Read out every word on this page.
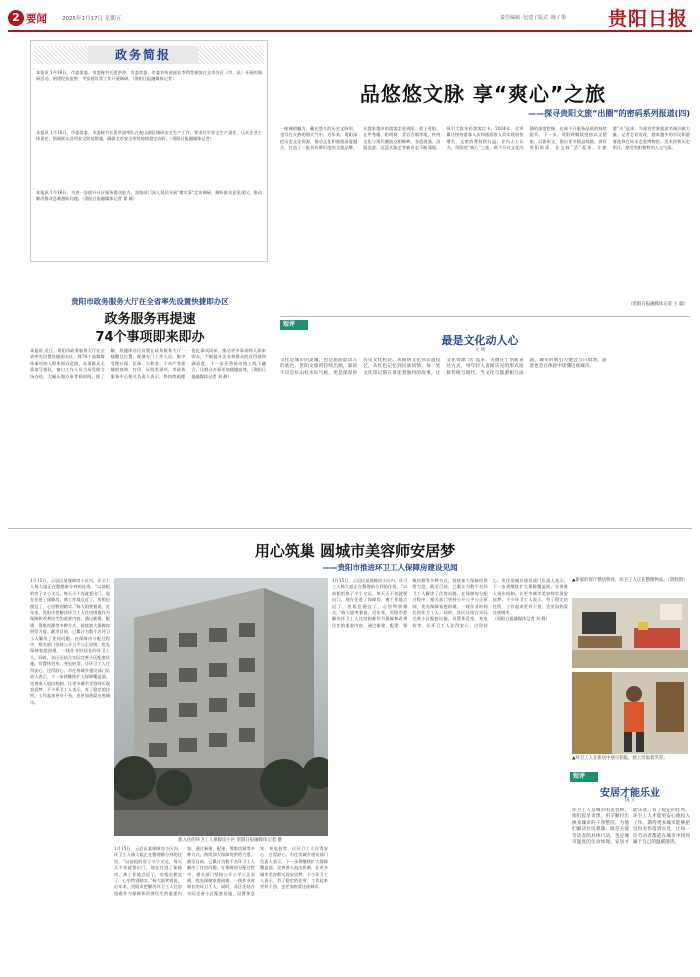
2 要闻	2025年1月17日 星期五	责任编辑 ·包建 / 版式 ·陈 / 策 贵阳日报
政务简报
本报讯 1月16日，市委常委、市委秘书长贺洪涛、市委常委、市委宣传部部长李利等参加在全市各区（市、县）开展的调研活动，围绕纪检监察、平安建设等工作开展调研。（贵阳日报融媒体记者）
本报讯 1月16日，市委常委、市委秘书长贺洪涛率队在观山湖区调研安全生产工作，要求扛牢安全生产责任，压实企业主体责任，抓细抓实各项安全防范措施，确保全市安全形势持续稳定向好。（贵阳日报融媒体记者）
本报讯 1月16日，为进一步提升社区服务群众能力，各级部门深入基层开展"微实事"走访调研，倾听群众意见建议，推动解决群众急难愁盼问题。（贵阳日报融媒体记者 翟 颖）
贵阳市政务服务大厅在全省率先设置快捷即办区
政务服务再提速
74个事项即来即办
本报讯 近日，贵阳市政务服务大厅在全省率先设置快捷即办区，将74个高频简单事项纳入即来即办范围，办事群众无需取号排队，窗口工作人员当场受理当场办结，大幅压缩办事等候时间。据了解，快捷即办区设置在政务服务大厅一楼醒目位置，配备专门工作人员，集中受理社保、医保、公积金、不动产等领域的查询、打印、证明类事项。市政务服务中心相关负责人表示，将持续梳理优化事项清单，推动更多事项纳入即来即办，不断提升企业和群众的获得感和满意度。下一步还将推动线上线下融合，让群众办事更加便捷高效。（贵阳日报融媒体记者 刘 静）
品悠悠文脉 享“爽心”之旅
——探寻贵阳文旅“出圈”的密码系列报道(四)
一座城的魅力，藏在悠久的历史文脉里，也写在火热的烟火气中。近年来，贵阳深挖历史文化资源，推动文化和旅游深度融合，打造了一批具有辨识度的文旅品牌，让越来越多的游客走进贵阳、爱上贵阳。在甲秀楼、阳明祠、青岩古镇等地，传统文化与现代潮流交相辉映，非遗展演、汉服巡游、沉浸式演艺等新业态不断涌现，吸引大批年轻游客打卡。2024年，全市累计接待游客人次和旅游收入均实现较快增长，文旅消费持续升温。业内人士认为，贵阳的“爽心”之旅，离不开对文化内涵的深度挖掘，也离不开服务品质的持续提升。下一步，贵阳将继续坚持以文塑旅、以旅彰文，推出更多精品线路，讲好贵阳故事，让文脉“活”起来、让旅游“火”起来，为建设世界旅游名城贡献力量。记者走访发现，越来越多的市民和游客选择在周末走进博物馆、美术馆和历史街区，感受贵阳独特的人文气质。
（贵阳日报融媒体记者 王 聪）
短评
最是文化动人心
大 风
文化是城市的灵魂，也是旅游最动人的底色。贵阳文旅的持续出圈，靠的不仅是好山好水好气候，更是深厚的历史文化积淀。从阳明文化到非遗技艺，从红色记忆到民族风情，每一处文化印记都在讲述着独特的故事。让文化资源“活”起来，关键在于创新表达方式，用年轻人喜闻乐见的形式连接传统与现代。当文化与旅游相互成就，城市的吸引力便会与日俱增，游客也会在体验中读懂这座城市。
用心筑巢 圆城市美容师安居梦
——贵阳市推进环卫工人保障房建设见闻
1月15日，云岩区某保障房小区内，环卫工人杨大姐正在整理新分到的住房。“以前租的房子又小又远，每天天不亮就要出门，现在住进了保障房，离工作地点近了，房租也便宜了，心里特别踏实。”杨大姐笑着说。近年来，贵阳市把解决环卫工人住房困难作为保障和改善民生的重要内容，通过新建、配建、筹集房源等多种方式，持续加大保障房供给力度。截至目前，已累计为数千名环卫工人解决了住房问题。在保障房分配过程中，相关部门坚持公开公平公正原则，优先保障家庭困难、一线作业时间长的环卫工人。同时，各区还结合实际完善小区配套设施，设置休息室、充电桩等，让环卫工人住得安心、过得舒心。市住房城乡建设部门负责人表示，下一步将继续扩大保障覆盖面，完善准入退出机制，让更多城市美容师实现安居梦。不少环卫工人表示，有了稳定的住所，工作起来更有干劲，也更加热爱这座城市。
新入住的环卫工人保障房小区 贵阳日报融媒体记者 摄
1月15日，云岩区某保障房小区内，环卫工人杨大姐正在整理新分到的住房。“以前租的房子又小又远，每天天不亮就要出门，现在住进了保障房，离工作地点近了，房租也便宜了，心里特别踏实。”杨大姐笑着说。近年来，贵阳市把解决环卫工人住房困难作为保障和改善民生的重要内容，通过新建、配建、筹集房源等多种方式，持续加大保障房供给力度。截至目前，已累计为数千名环卫工人解决了住房问题。在保障房分配过程中，相关部门坚持公开公平公正原则，优先保障家庭困难、一线作业时间长的环卫工人。同时，各区还结合实际完善小区配套设施，设置休息室、充电桩等，让环卫工人住得安心、过得舒心。市住房城乡建设部门负责人表示，下一步将继续扩大保障覆盖面，完善准入退出机制，让更多城市美容师实现安居梦。不少环卫工人表示，有了稳定的住所，工作起来更有干劲，也更加热爱这座城市。
1月15日，云岩区某保障房小区内，环卫工人杨大姐正在整理新分到的住房。“以前租的房子又小又远，每天天不亮就要出门，现在住进了保障房，离工作地点近了，房租也便宜了，心里特别踏实。”杨大姐笑着说。近年来，贵阳市把解决环卫工人住房困难作为保障和改善民生的重要内容，通过新建、配建、筹集房源等多种方式，持续加大保障房供给力度。截至目前，已累计为数千名环卫工人解决了住房问题。在保障房分配过程中，相关部门坚持公开公平公正原则，优先保障家庭困难、一线作业时间长的环卫工人。同时，各区还结合实际完善小区配套设施，设置休息室、充电桩等，让环卫工人住得安心、过得舒心。市住房城乡建设部门负责人表示，下一步将继续扩大保障覆盖面，完善准入退出机制，让更多城市美容师实现安居梦。不少环卫工人表示，有了稳定的住所，工作起来更有干劲，也更加热爱这座城市。
（贵阳日报融媒体记者 刘 静）
▲新家的客厅整洁明亮，环卫工人正在整理物品。（资料图）
▲环卫工人在新居中展示钥匙，脸上洋溢着笑容。
短评
安居才能乐业
钱 立
环卫工人是城市的美容师，他们起早贪黑，用辛勤付出换来城市的干净整洁。为他们解决住房难题，既是关爱劳动者的具体行动，也是城市温度的生动体现。安居才能乐业，有了稳定的住所，环卫工人才能更安心地投入工作。期待更多城市能够把这份关怀落到实处，让每一位劳动者都能在城市中找到属于自己的温暖港湾。
